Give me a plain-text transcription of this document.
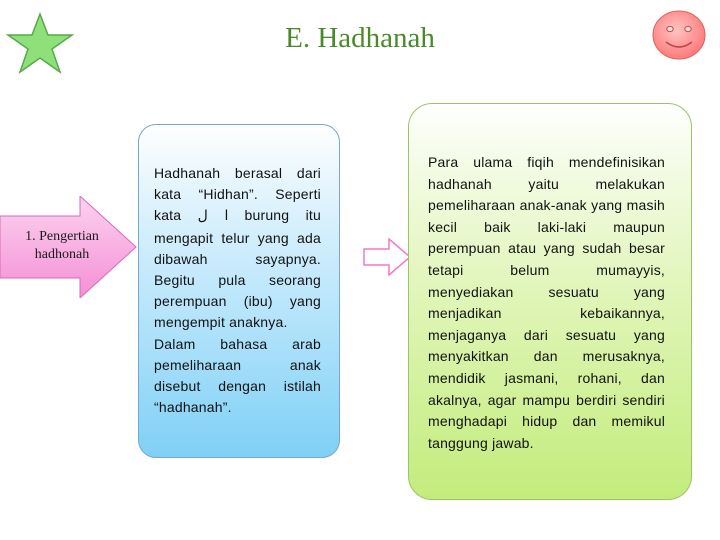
E. Hadhanah
1. Pengertian
hadhonah

Hadhanah berasal dari kata “Hidhan”. Seperti kata ا ل burung itu mengapit telur yang ada dibawah sayapnya. Begitu pula seorang perempuan (ibu) yang mengempit anaknya.

Dalam bahasa arab pemeliharaan anak disebut dengan istilah “hadhanah”.

Para ulama fiqih mendefinisikan hadhanah yaitu melakukan pemeliharaan anak-anak yang masih kecil baik laki-laki maupun perempuan atau yang sudah besar tetapi belum mumayyis, menyediakan sesuatu yang menjadikan kebaikannya, menjaganya dari sesuatu yang menyakitkan dan merusaknya, mendidik jasmani, rohani, dan akalnya, agar mampu berdiri sendiri menghadapi hidup dan memikul tanggung jawab.
